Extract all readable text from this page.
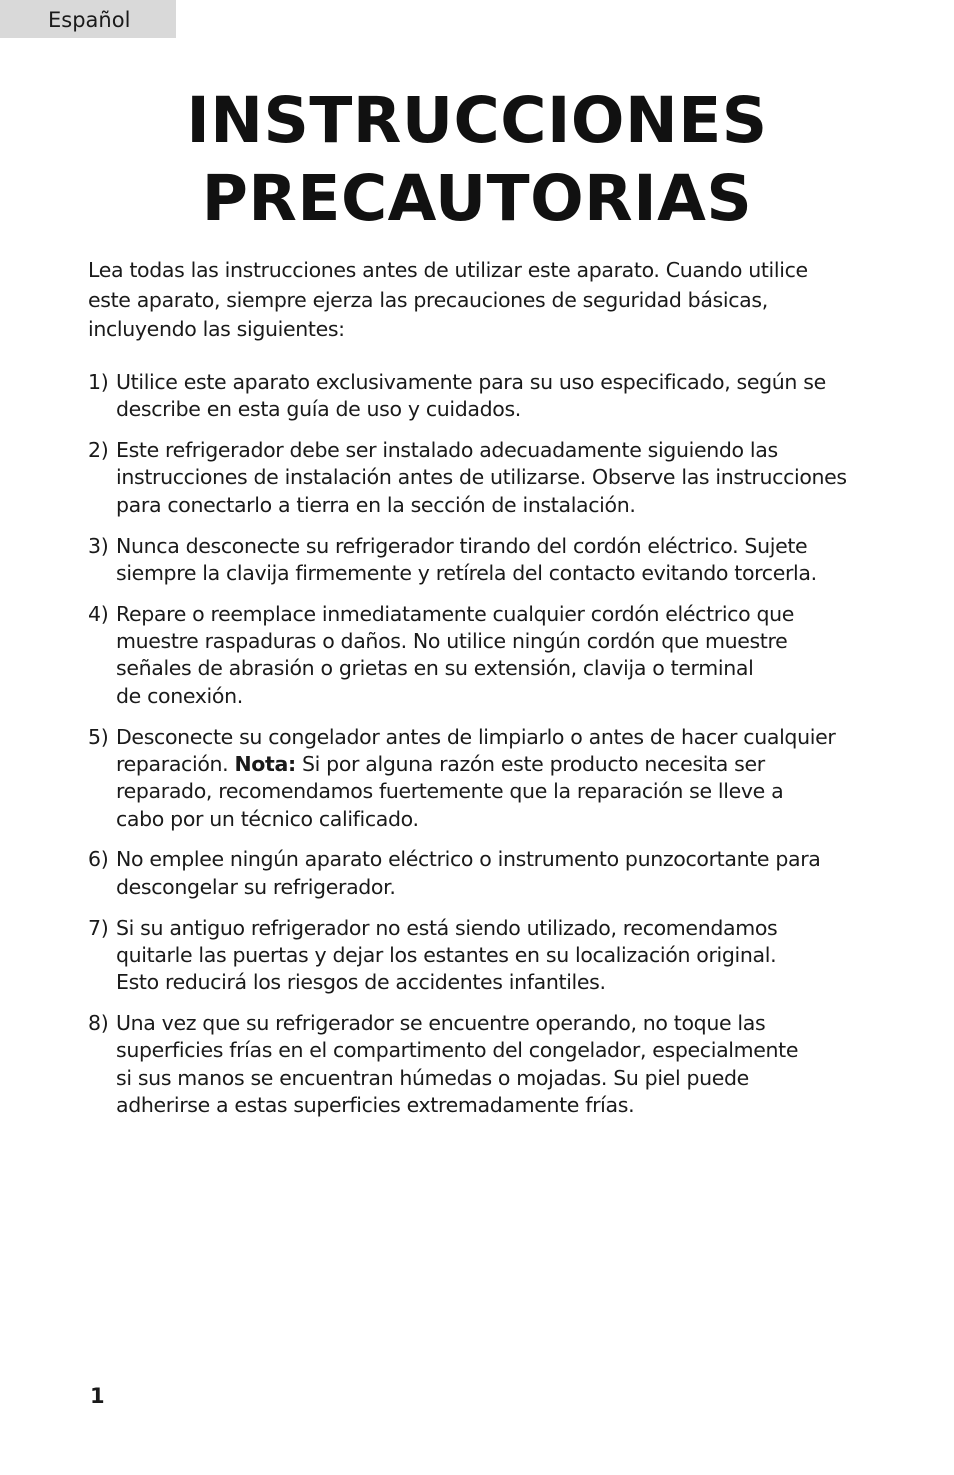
Español
INSTRUCCIONES
PRECAUTORIAS

Lea todas las instrucciones antes de utilizar este aparato. Cuando utilice
este aparato, siempre ejerza las precauciones de seguridad básicas,
incluyendo las siguientes:

1) Utilice este aparato exclusivamente para su uso especificado, según se
describe en esta guía de uso y cuidados.
2) Este refrigerador debe ser instalado adecuadamente siguiendo las
instrucciones de instalación antes de utilizarse. Observe las instrucciones
para conectarlo a tierra en la sección de instalación.
3) Nunca desconecte su refrigerador tirando del cordón eléctrico. Sujete
siempre la clavija firmemente y retírela del contacto evitando torcerla.
4) Repare o reemplace inmediatamente cualquier cordón eléctrico que
muestre raspaduras o daños. No utilice ningún cordón que muestre
señales de abrasión o grietas en su extensión, clavija o terminal
de conexión.
5) Desconecte su congelador antes de limpiarlo o antes de hacer cualquier
reparación. Nota: Si por alguna razón este producto necesita ser
reparado, recomendamos fuertemente que la reparación se lleve a
cabo por un técnico calificado.
6) No emplee ningún aparato eléctrico o instrumento punzocortante para
descongelar su refrigerador.
7) Si su antiguo refrigerador no está siendo utilizado, recomendamos
quitarle las puertas y dejar los estantes en su localización original.
Esto reducirá los riesgos de accidentes infantiles.
8) Una vez que su refrigerador se encuentre operando, no toque las
superficies frías en el compartimento del congelador, especialmente
si sus manos se encuentran húmedas o mojadas. Su piel puede
adherirse a estas superficies extremadamente frías.
1
